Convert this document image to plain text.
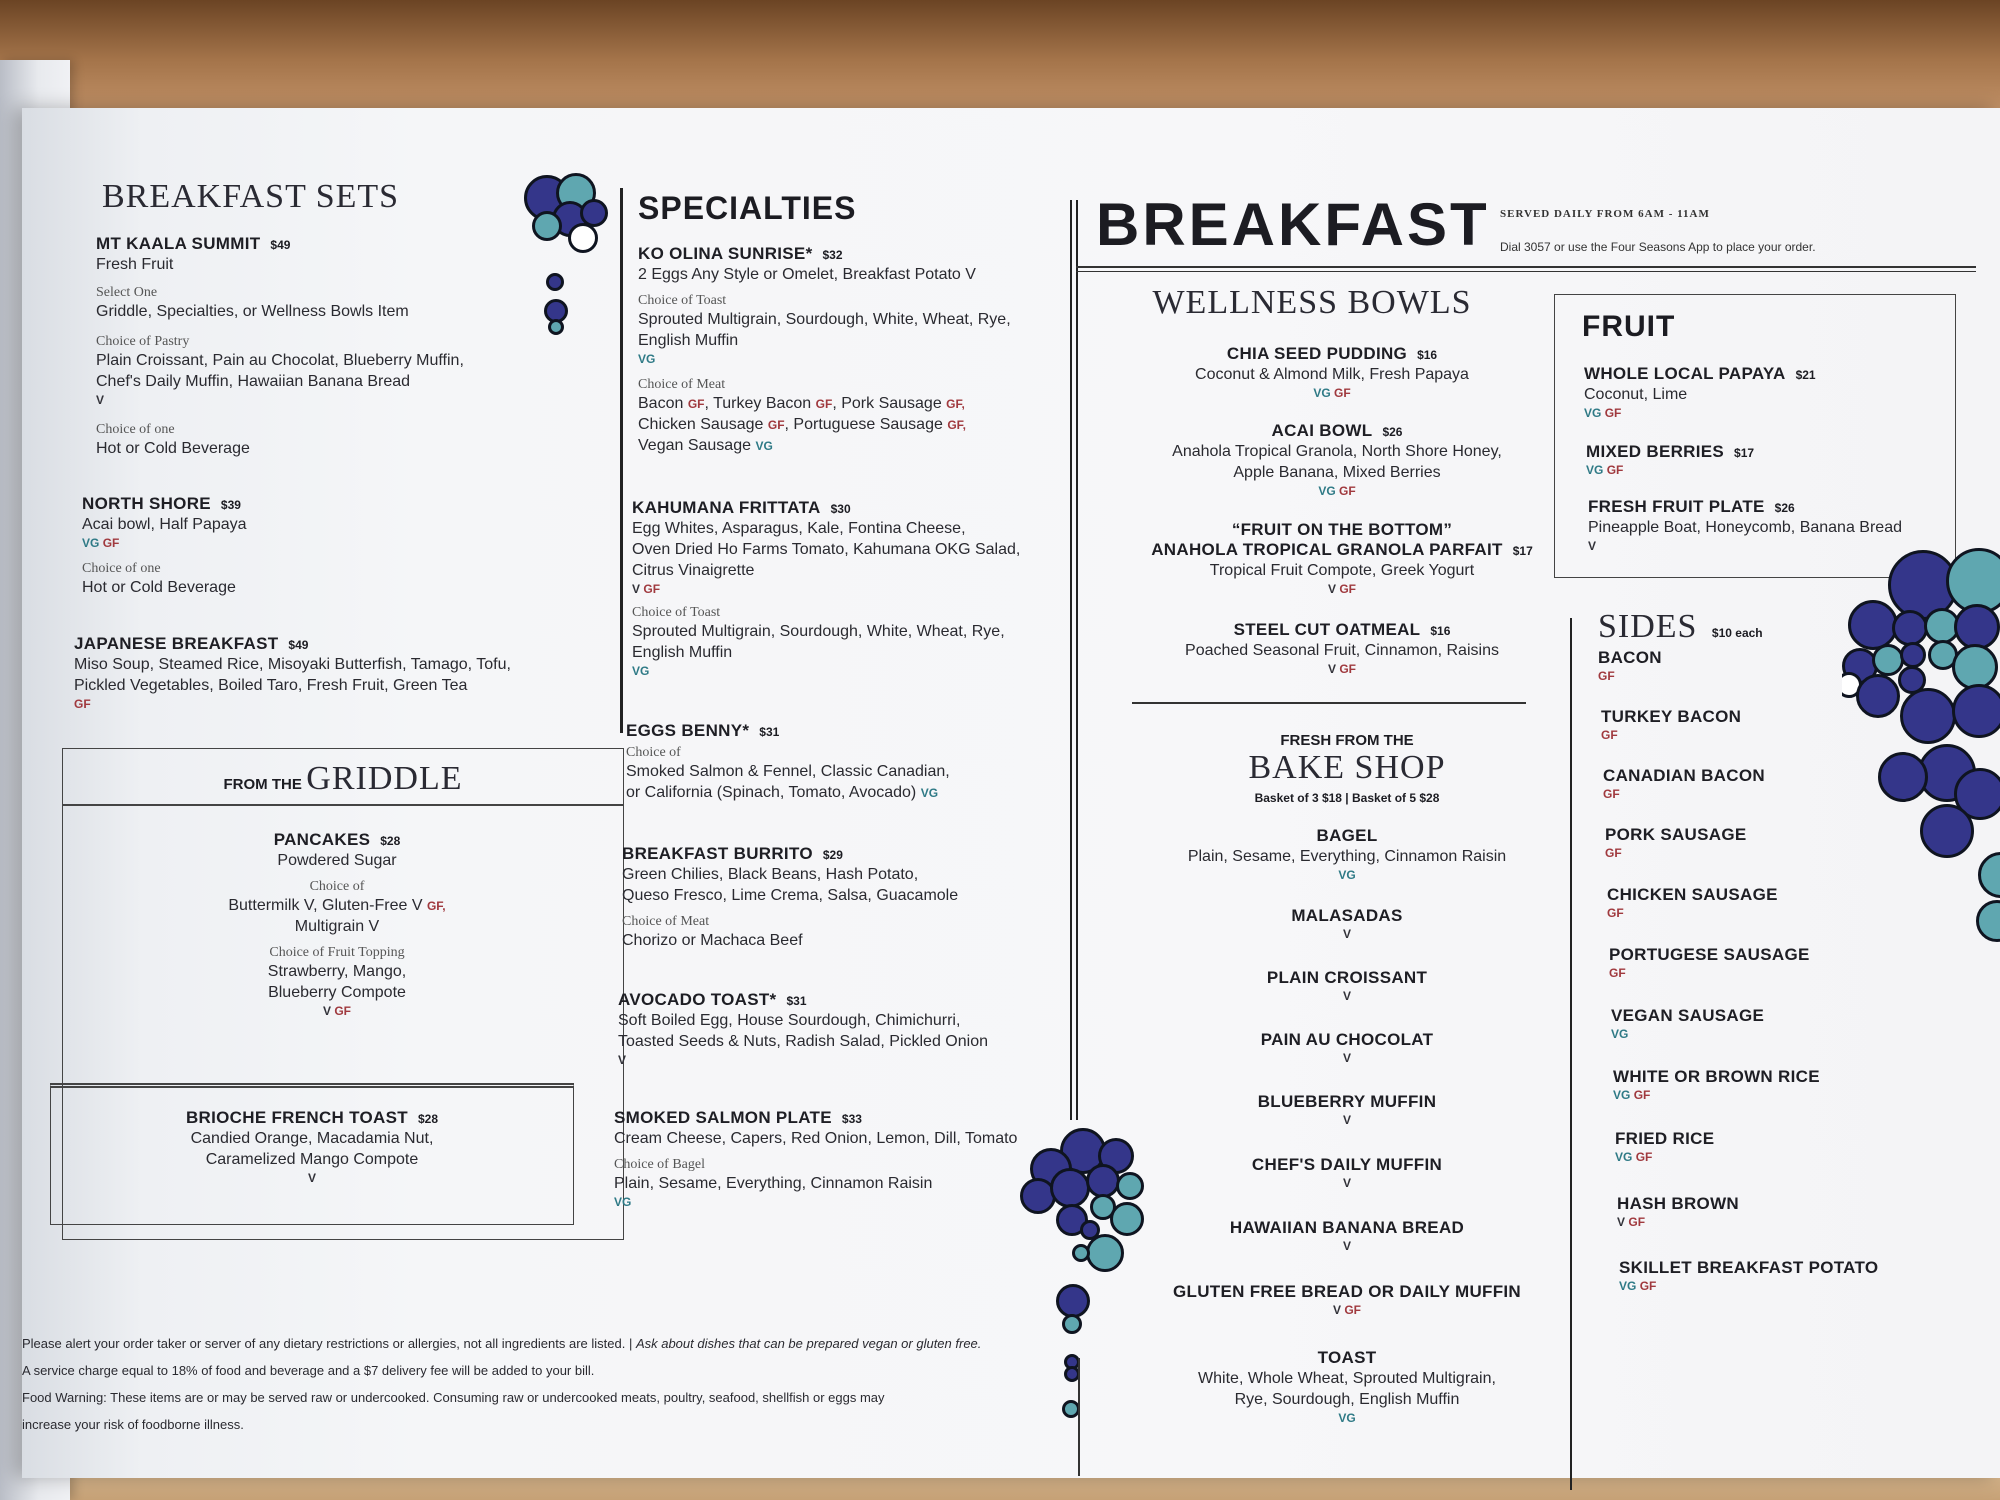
BREAKFAST SETS
MT KAALA SUMMIT $49
Fresh Fruit
Select One
Griddle, Specialties, or Wellness Bowls Item
Choice of Pastry
Plain Croissant, Pain au Chocolat, Blueberry Muffin,
Chef's Daily Muffin, Hawaiian Banana Bread
V
Choice of one
Hot or Cold Beverage
NORTH SHORE $39
Acai bowl, Half Papaya
VG GF
Choice of one
Hot or Cold Beverage
JAPANESE BREAKFAST $49
Miso Soup, Steamed Rice, Misoyaki Butterfish, Tamago, Tofu,
Pickled Vegetables, Boiled Taro, Fresh Fruit, Green Tea
GF
FROM THE GRIDDLE
PANCAKES $28
Powdered Sugar
Choice of
Buttermilk V, Gluten-Free V GF,
Multigrain V
Choice of Fruit Topping
Strawberry, Mango,
Blueberry Compote
V GF
BRIOCHE FRENCH TOAST $28
Candied Orange, Macadamia Nut,
Caramelized Mango Compote
V
SPECIALTIES
KO OLINA SUNRISE* $32
2 Eggs Any Style or Omelet, Breakfast Potato V
Choice of Toast
Sprouted Multigrain, Sourdough, White, Wheat, Rye,
English Muffin
VG
Choice of Meat
Bacon GF, Turkey Bacon GF, Pork Sausage GF,
Chicken Sausage GF, Portuguese Sausage GF,
Vegan Sausage VG
KAHUMANA FRITTATA $30
Egg Whites, Asparagus, Kale, Fontina Cheese,
Oven Dried Ho Farms Tomato, Kahumana OKG Salad,
Citrus Vinaigrette
V GF
Choice of Toast
Sprouted Multigrain, Sourdough, White, Wheat, Rye,
English Muffin
VG
EGGS BENNY* $31
Choice of
Smoked Salmon & Fennel, Classic Canadian,
or California (Spinach, Tomato, Avocado) VG
BREAKFAST BURRITO $29
Green Chilies, Black Beans, Hash Potato,
Queso Fresco, Lime Crema, Salsa, Guacamole
Choice of Meat
Chorizo or Machaca Beef
AVOCADO TOAST* $31
Soft Boiled Egg, House Sourdough, Chimichurri,
Toasted Seeds & Nuts, Radish Salad, Pickled Onion
V
SMOKED SALMON PLATE $33
Cream Cheese, Capers, Red Onion, Lemon, Dill, Tomato
Choice of Bagel
Plain, Sesame, Everything, Cinnamon Raisin
VG
BREAKFAST SERVED DAILY FROM 6AM - 11AM
Dial 3057 or use the Four Seasons App to place your order.
WELLNESS BOWLS
CHIA SEED PUDDING $16
Coconut & Almond Milk, Fresh Papaya
VG GF
ACAI BOWL $26
Anahola Tropical Granola, North Shore Honey,
Apple Banana, Mixed Berries
VG GF
“FRUIT ON THE BOTTOM”
ANAHOLA TROPICAL GRANOLA PARFAIT $17
Tropical Fruit Compote, Greek Yogurt
V GF
STEEL CUT OATMEAL $16
Poached Seasonal Fruit, Cinnamon, Raisins
V GF
FRESH FROM THE
BAKE SHOP
Basket of 3 $18 | Basket of 5 $28
BAGEL
Plain, Sesame, Everything, Cinnamon Raisin
VG
MALASADAS
V
PLAIN CROISSANT
V
PAIN AU CHOCOLAT
V
BLUEBERRY MUFFIN
V
CHEF'S DAILY MUFFIN
V
HAWAIIAN BANANA BREAD
V
GLUTEN FREE BREAD OR DAILY MUFFIN
V GF
TOAST
White, Whole Wheat, Sprouted Multigrain,
Rye, Sourdough, English Muffin
VG
FRUIT
WHOLE LOCAL PAPAYA $21
Coconut, Lime
VG GF
MIXED BERRIES $17
VG GF
FRESH FRUIT PLATE $26
Pineapple Boat, Honeycomb, Banana Bread
V
SIDES $10 each
BACON
GF
TURKEY BACON
GF
CANADIAN BACON
GF
PORK SAUSAGE
GF
CHICKEN SAUSAGE
GF
PORTUGESE SAUSAGE
GF
VEGAN SAUSAGE
VG
WHITE OR BROWN RICE
VG GF
FRIED RICE
VG GF
HASH BROWN
V GF
SKILLET BREAKFAST POTATO
VG GF
Please alert your order taker or server of any dietary restrictions or allergies, not all ingredients are listed. | Ask about dishes that can be prepared vegan or gluten free.
A service charge equal to 18% of food and beverage and a $7 delivery fee will be added to your bill.
Food Warning: These items are or may be served raw or undercooked. Consuming raw or undercooked meats, poultry, seafood, shellfish or eggs may
increase your risk of foodborne illness.
